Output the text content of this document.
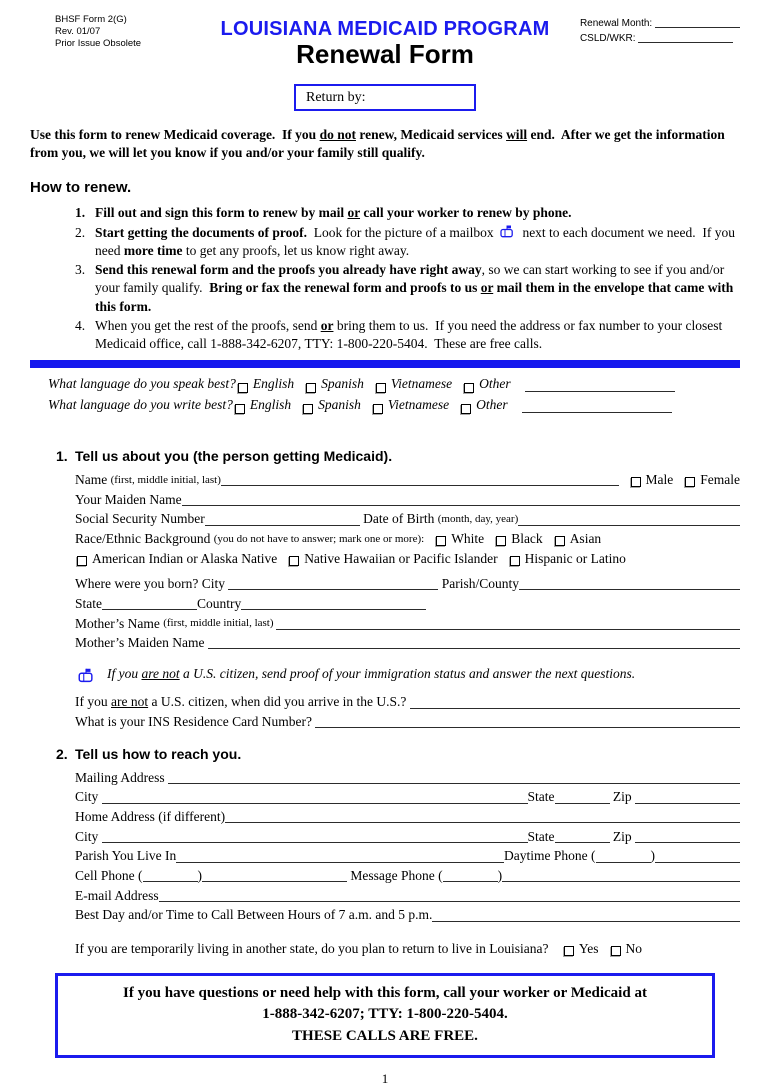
BHSF Form 2(G)
Rev. 01/07
Prior Issue Obsolete
LOUISIANA MEDICAID PROGRAM
Renewal Form
Renewal Month:
CSLD/WKR:
Return by:

Use this form to renew Medicaid coverage.  If you do not renew, Medicaid services will end.  After we get the information from you, we will let you know if you and/or your family still qualify.

How to renew.
1. Fill out and sign this form to renew by mail or call your worker to renew by phone.
2. Start getting the documents of proof.  Look for the picture of a mailbox  next to each document we need.  If you need more time to get any proofs, let us know right away.
3. Send this renewal form and the proofs you already have right away, so we can start working to see if you and/or your family qualify.  Bring or fax the renewal form and proofs to us or mail them in the envelope that came with this form.
4. When you get the rest of the proofs, send or bring them to us.  If you need the address or fax number to your closest Medicaid office, call 1-888-342-6207, TTY: 1-800-220-5404.  These are free calls.
What language do you speak best? English Spanish Vietnamese Other
What language do you write best? English Spanish Vietnamese Other
1. Tell us about you (the person getting Medicaid).
Name (first, middle initial, last)	Male Female
Your Maiden Name
Social Security Number	Date of Birth (month, day, year)
Race/Ethnic Background (you do not have to answer; mark one or more): White Black Asian
American Indian or Alaska Native Native Hawaiian or Pacific Islander Hispanic or Latino
Where were you born? City	Parish/County
State	Country
Mother’s Name (first, middle initial, last)
Mother’s Maiden Name
If you are not a U.S. citizen, send proof of your immigration status and answer the next questions.
If you are not a U.S. citizen, when did you arrive in the U.S.?
What is your INS Residence Card Number?
2. Tell us how to reach you.
Mailing Address
City	State	Zip
Home Address (if different)
City	State	Zip
Parish You Live In	Daytime Phone (	)
Cell Phone (	)	Message Phone (	)
E-mail Address
Best Day and/or Time to Call Between Hours of 7 a.m. and 5 p.m.
If you are temporarily living in another state, do you plan to return to live in Louisiana? Yes No
If you have questions or need help with this form, call your worker or Medicaid at
1-888-342-6207; TTY: 1-800-220-5404.
THESE CALLS ARE FREE.
1
